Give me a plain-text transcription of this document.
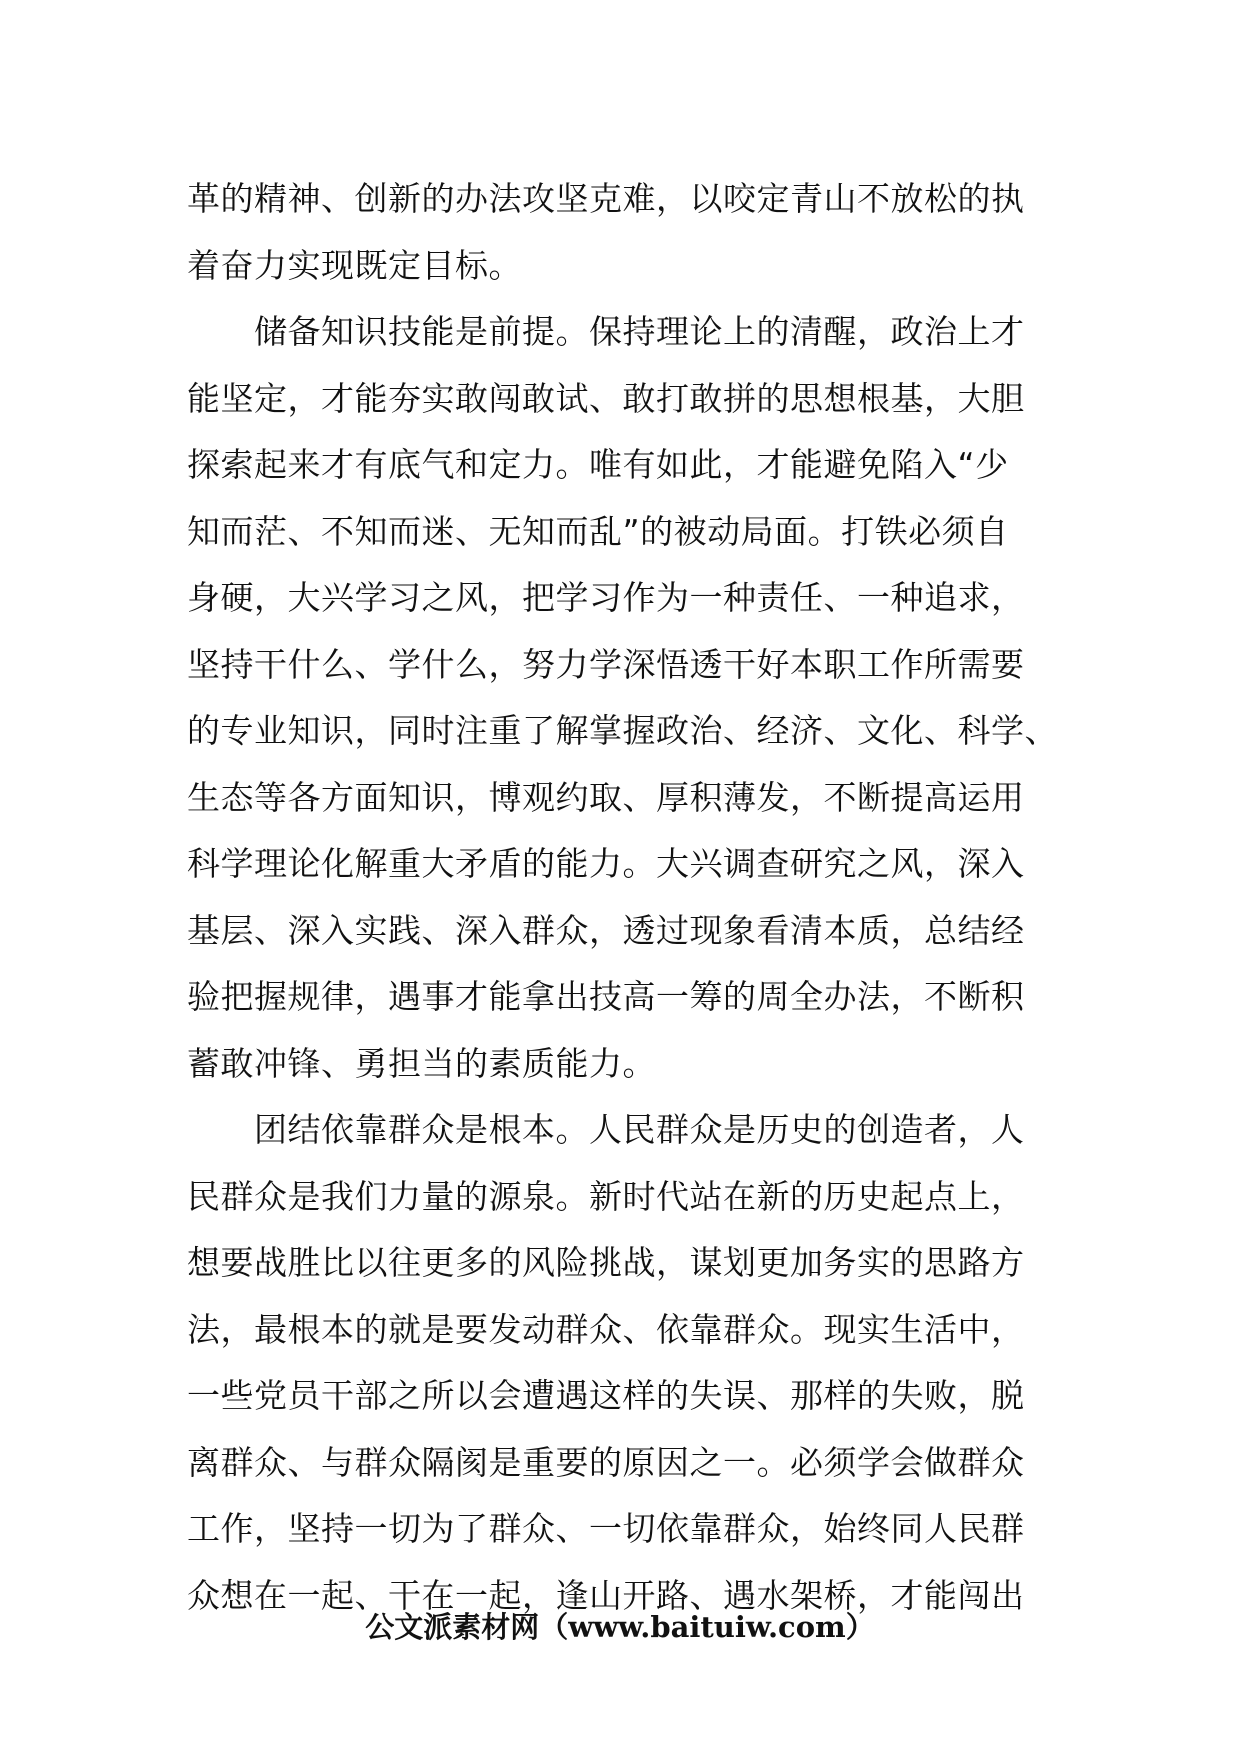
革的精神、创新的办法攻坚克难，以咬定青山不放松的执
着奋力实现既定目标。
　　储备知识技能是前提。保持理论上的清醒，政治上才
能坚定，才能夯实敢闯敢试、敢打敢拼的思想根基，大胆
探索起来才有底气和定力。唯有如此，才能避免陷入“少
知而茫、不知而迷、无知而乱”的被动局面。打铁必须自
身硬，大兴学习之风，把学习作为一种责任、一种追求，
坚持干什么、学什么，努力学深悟透干好本职工作所需要
的专业知识，同时注重了解掌握政治、经济、文化、科学、
生态等各方面知识，博观约取、厚积薄发，不断提高运用
科学理论化解重大矛盾的能力。大兴调查研究之风，深入
基层、深入实践、深入群众，透过现象看清本质，总结经
验把握规律，遇事才能拿出技高一筹的周全办法，不断积
蓄敢冲锋、勇担当的素质能力。
　　团结依靠群众是根本。人民群众是历史的创造者，人
民群众是我们力量的源泉。新时代站在新的历史起点上，
想要战胜比以往更多的风险挑战，谋划更加务实的思路方
法，最根本的就是要发动群众、依靠群众。现实生活中，
一些党员干部之所以会遭遇这样的失误、那样的失败，脱
离群众、与群众隔阂是重要的原因之一。必须学会做群众
工作，坚持一切为了群众、一切依靠群众，始终同人民群
众想在一起、干在一起，逢山开路、遇水架桥，才能闯出
公文派素材网（www.baituiw.com）
